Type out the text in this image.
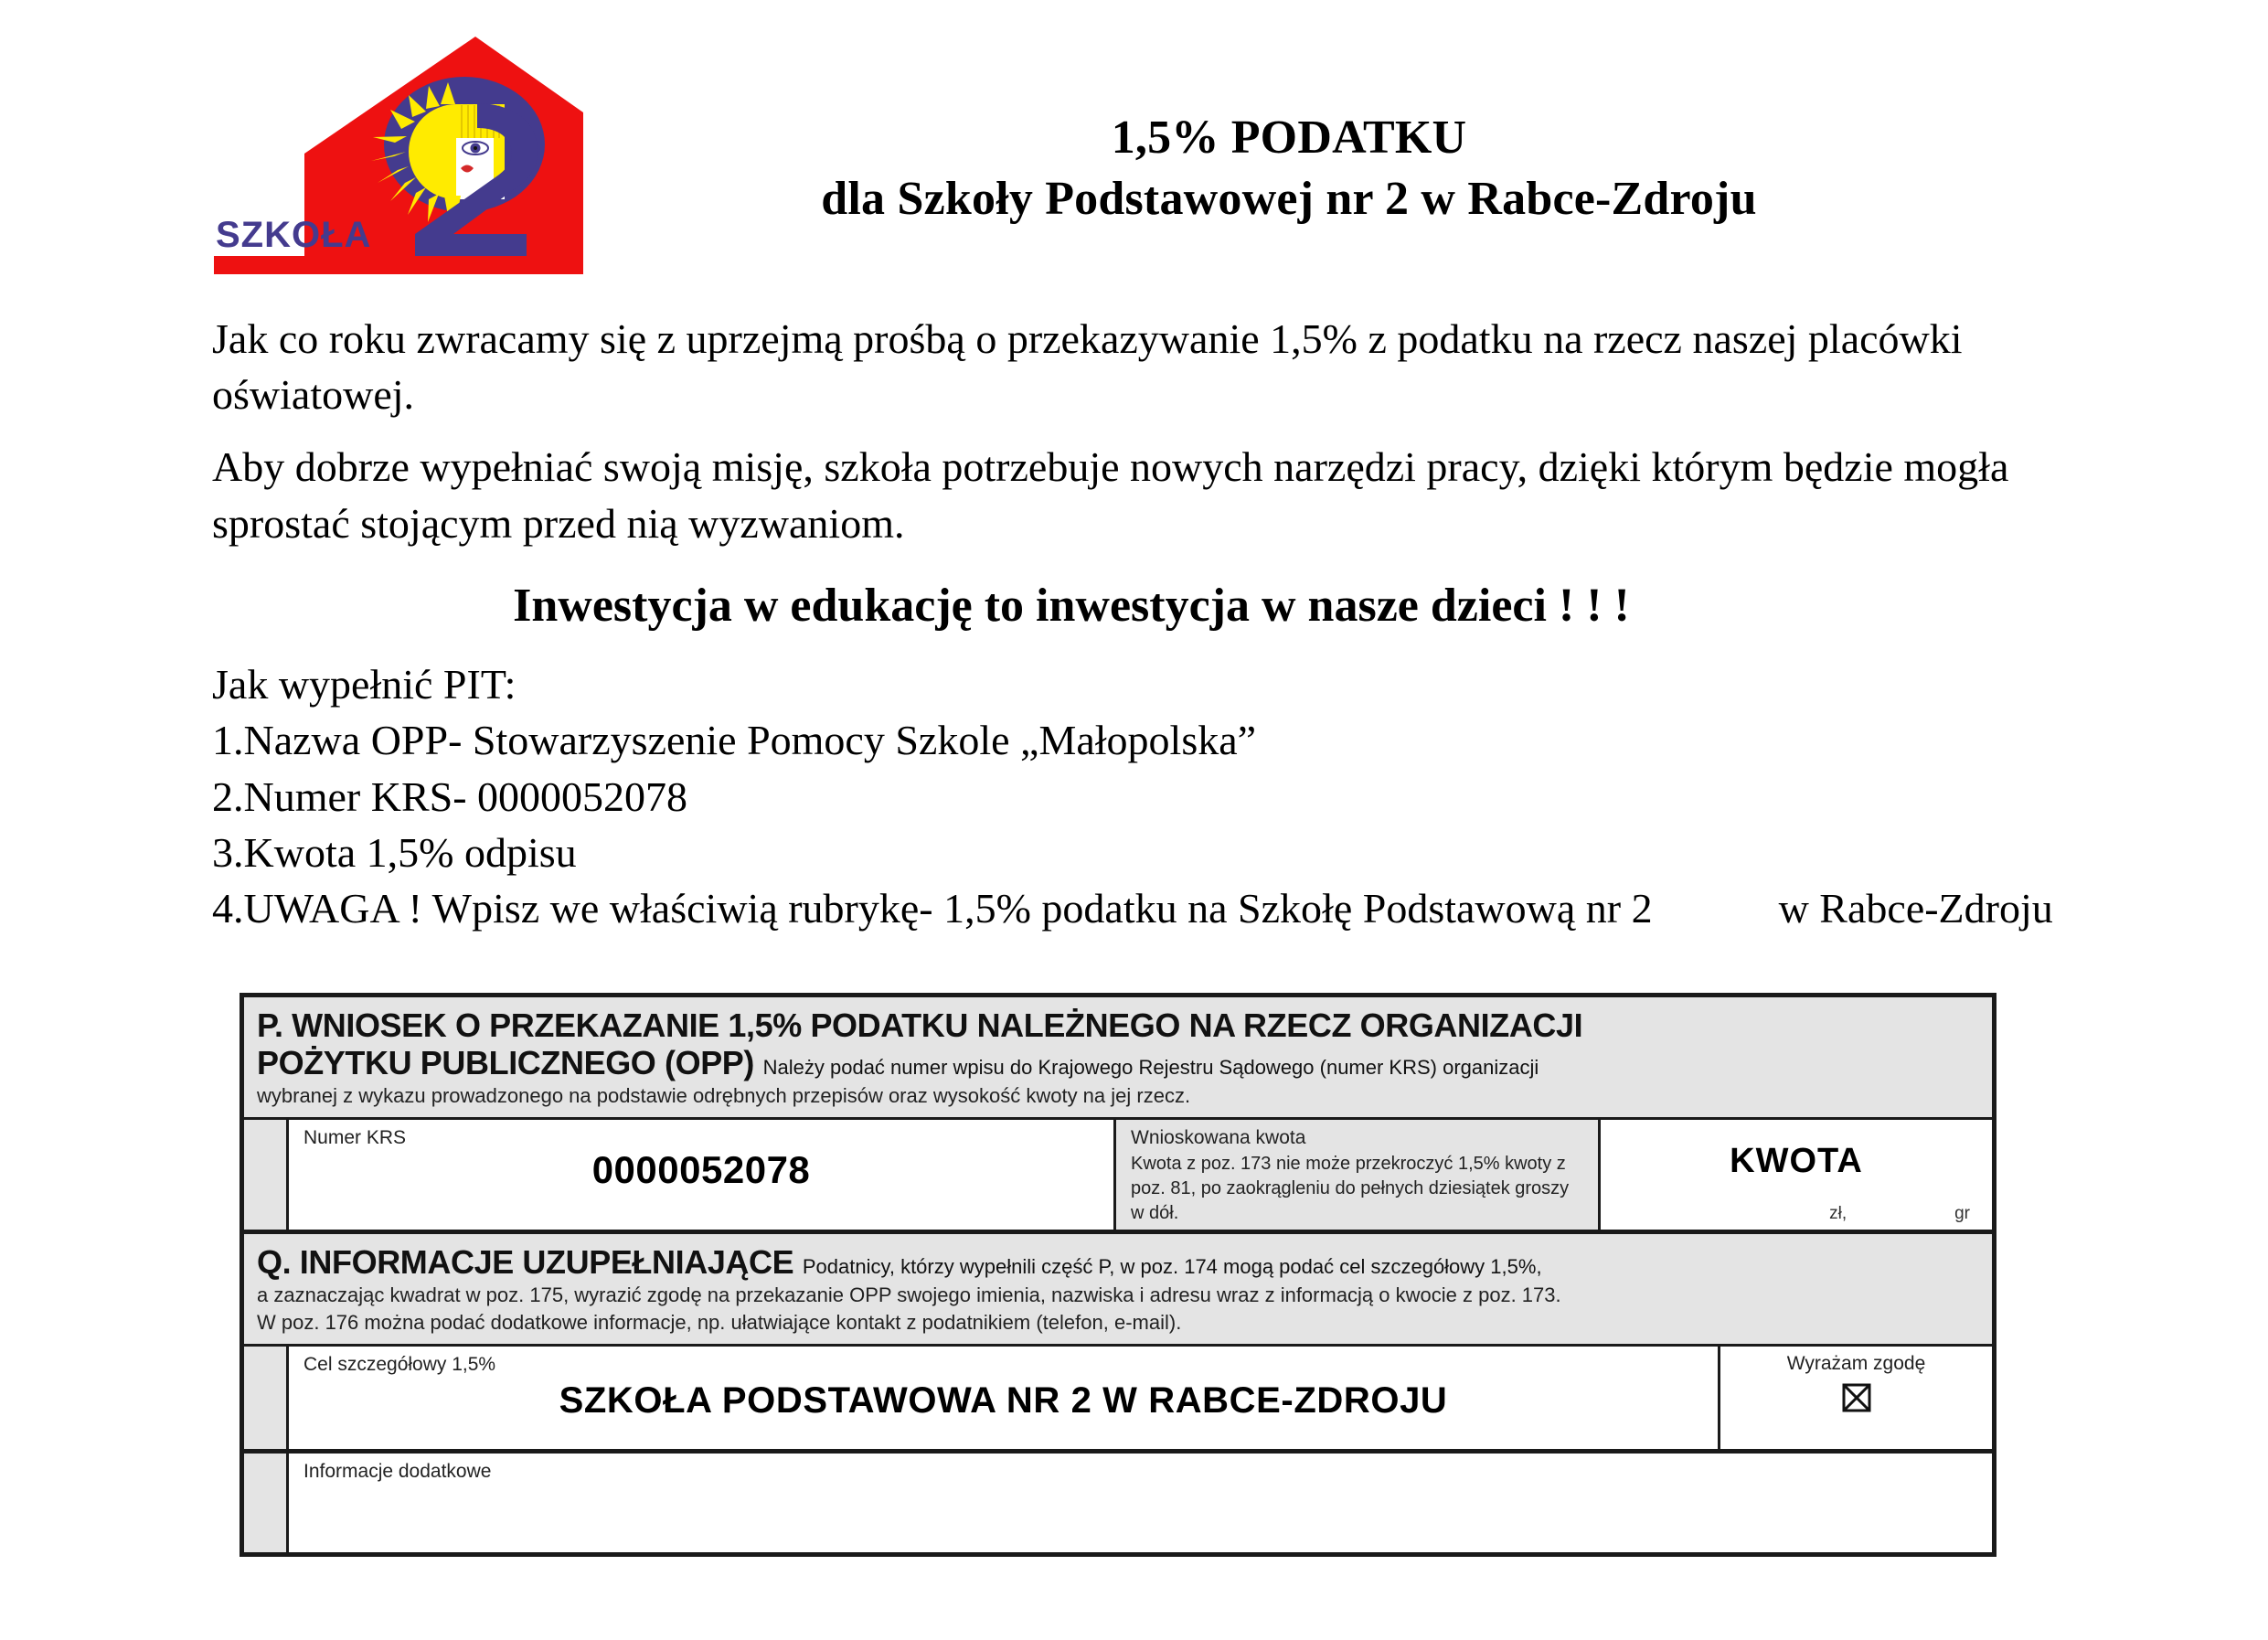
SZKOŁA
1,5% PODATKU
dla Szkoły Podstawowej nr 2 w Rabce-Zdroju

Jak co roku zwracamy się z uprzejmą prośbą o przekazywanie 1,5% z podatku na rzecz naszej placówki oświatowej.

Aby dobrze wypełniać swoją misję, szkoła potrzebuje nowych narzędzi pracy, dzięki którym będzie mogła sprostać stojącym przed nią wyzwaniom.

Inwestycja w edukację to inwestycja w nasze dzieci ! ! !
Jak wypełnić PIT:
1.Nazwa OPP- Stowarzyszenie Pomocy Szkole „Małopolska”
2.Numer KRS- 0000052078
3.Kwota 1,5% odpisu
4.UWAGA ! Wpisz we właściwią rubrykę- 1,5% podatku na Szkołę Podstawową nr 2            w Rabce-Zdroju
P. WNIOSEK O PRZEKAZANIE 1,5% PODATKU NALEŻNEGO NA RZECZ ORGANIZACJI
POŻYTKU PUBLICZNEGO (OPP) Należy podać numer wpisu do Krajowego Rejestru Sądowego (numer KRS) organizacji
wybranej z wykazu prowadzonego na podstawie odrębnych przepisów oraz wysokość kwoty na jej rzecz.
Numer KRS
0000052078
Wnioskowana kwota
Kwota z poz. 173 nie może przekroczyć 1,5% kwoty z poz. 81, po zaokrągleniu do pełnych dziesiątek groszy w dół.
KWOTA
zł,	gr
Q. INFORMACJE UZUPEŁNIAJĄCE Podatnicy, którzy wypełnili część P, w poz. 174 mogą podać cel szczegółowy 1,5%,
a zaznaczając kwadrat w poz. 175, wyrazić zgodę na przekazanie OPP swojego imienia, nazwiska i adresu wraz z informacją o kwocie z poz. 173.
W poz. 176 można podać dodatkowe informacje, np. ułatwiające kontakt z podatnikiem (telefon, e-mail).
Cel szczegółowy 1,5%
SZKOŁA PODSTAWOWA NR 2 W RABCE-ZDROJU
Wyrażam zgodę
Informacje dodatkowe
